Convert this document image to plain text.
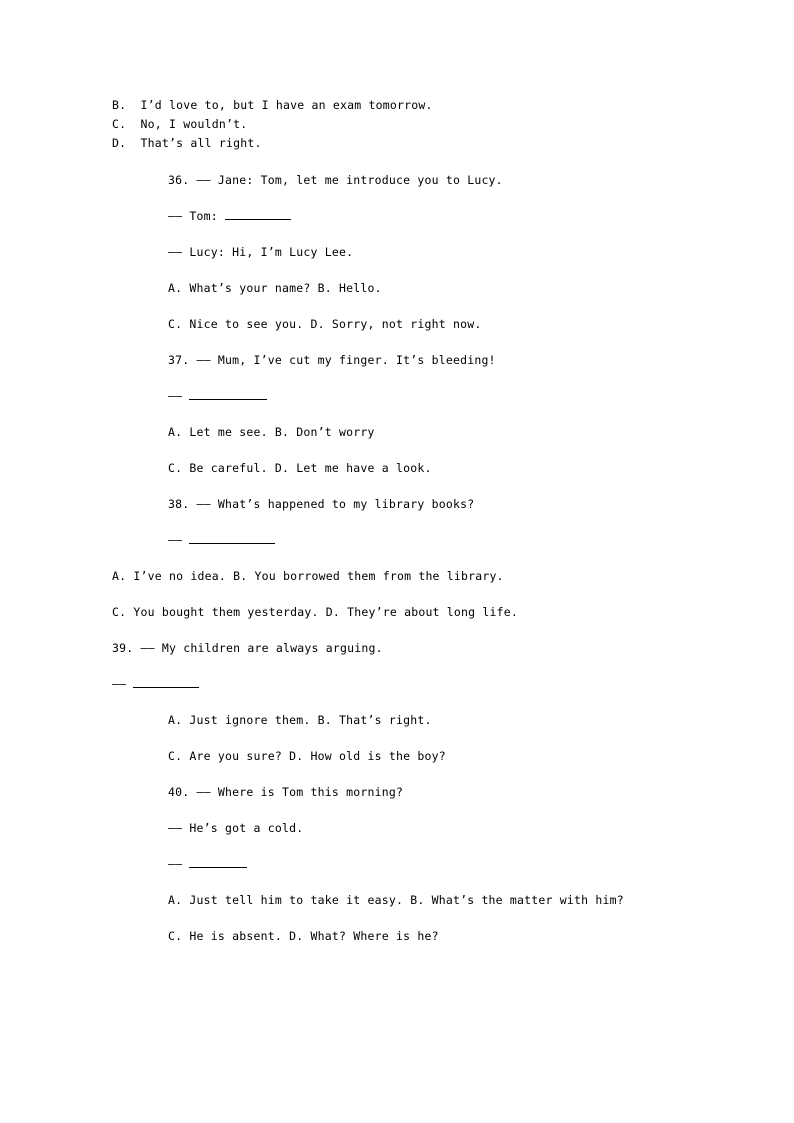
B.  I’d love to, but I have an exam tomorrow.
C.  No, I wouldn’t.
D.  That’s all right.
36. —— Jane: Tom, let me introduce you to Lucy.
—— Tom:
—— Lucy: Hi, I’m Lucy Lee.
A. What’s your name? B. Hello.
C. Nice to see you. D. Sorry, not right now.
37. —— Mum, I’ve cut my finger. It’s bleeding!
——
A. Let me see. B. Don’t worry
C. Be careful. D. Let me have a look.
38. —— What’s happened to my library books?
——
A. I’ve no idea. B. You borrowed them from the library.
C. You bought them yesterday. D. They’re about long life.
39. —— My children are always arguing.
——
A. Just ignore them. B. That’s right.
C. Are you sure? D. How old is the boy?
40. —— Where is Tom this morning?
—— He’s got a cold.
——
A. Just tell him to take it easy. B. What’s the matter with him?
C. He is absent. D. What? Where is he?
